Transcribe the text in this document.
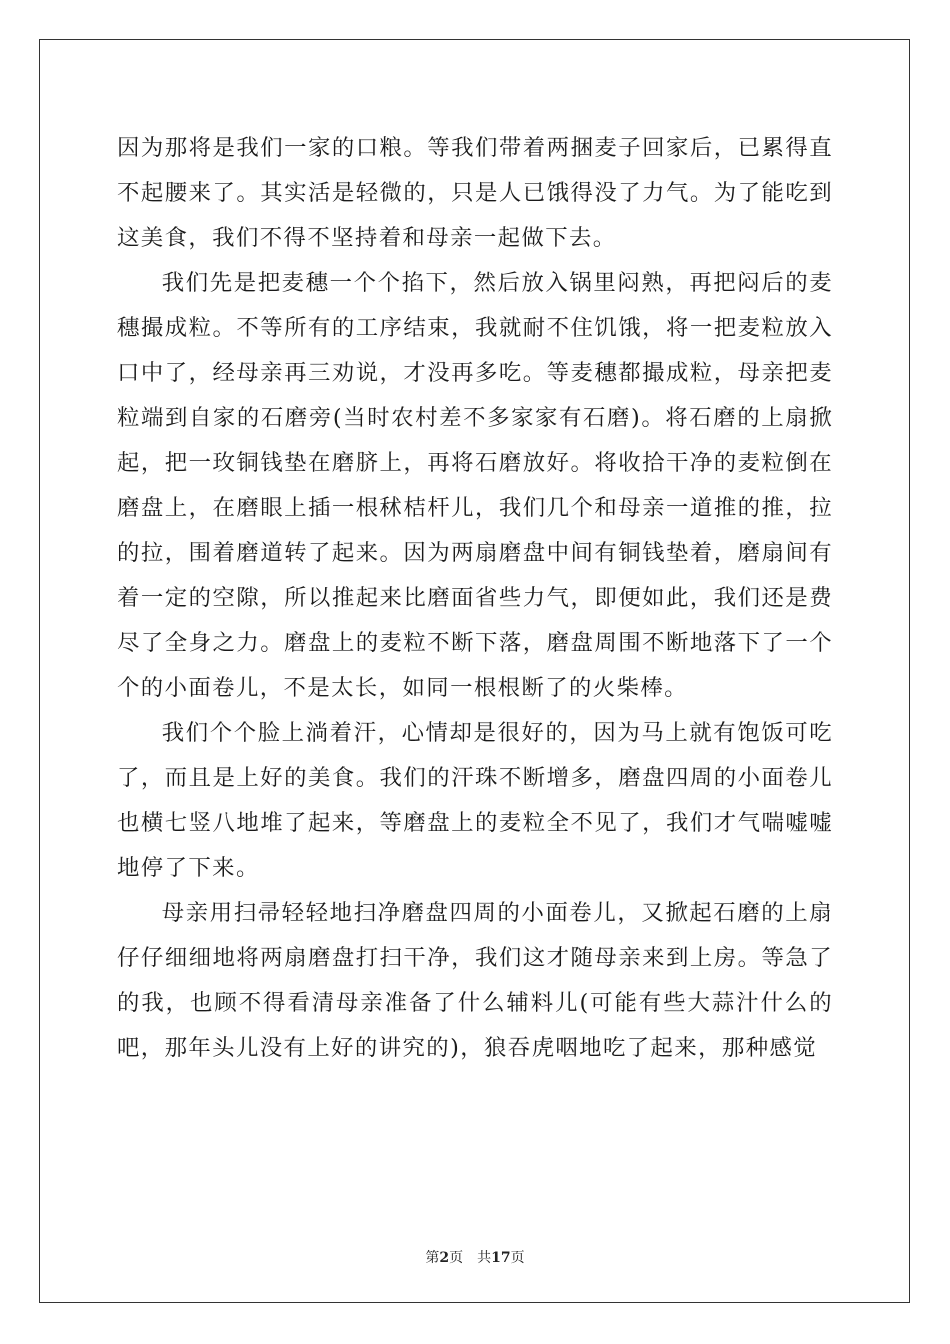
因为那将是我们一家的口粮。等我们带着两捆麦子回家后，已累得直不起腰来了。其实活是轻微的，只是人已饿得没了力气。为了能吃到这美食，我们不得不坚持着和母亲一起做下去。

我们先是把麦穗一个个掐下，然后放入锅里闷熟，再把闷后的麦穗撮成粒。不等所有的工序结束，我就耐不住饥饿，将一把麦粒放入口中了，经母亲再三劝说，才没再多吃。等麦穗都撮成粒，母亲把麦粒端到自家的石磨旁(当时农村差不多家家有石磨)。将石磨的上扇掀起，把一玫铜钱垫在磨脐上，再将石磨放好。将收拾干净的麦粒倒在磨盘上，在磨眼上插一根秫桔杆儿，我们几个和母亲一道推的推，拉的拉，围着磨道转了起来。因为两扇磨盘中间有铜钱垫着，磨扇间有着一定的空隙，所以推起来比磨面省些力气，即便如此，我们还是费尽了全身之力。磨盘上的麦粒不断下落，磨盘周围不断地落下了一个个的小面卷儿，不是太长，如同一根根断了的火柴棒。

我们个个脸上淌着汗，心情却是很好的，因为马上就有饱饭可吃了，而且是上好的美食。我们的汗珠不断增多，磨盘四周的小面卷儿也横七竖八地堆了起来，等磨盘上的麦粒全不见了，我们才气喘嘘嘘地停了下来。

母亲用扫帚轻轻地扫净磨盘四周的小面卷儿，又掀起石磨的上扇仔仔细细地将两扇磨盘打扫干净，我们这才随母亲来到上房。等急了的我，也顾不得看清母亲准备了什么辅料儿(可能有些大蒜汁什么的吧，那年头儿没有上好的讲究的)，狼吞虎咽地吃了起来，那种感觉

第2页 共17页
